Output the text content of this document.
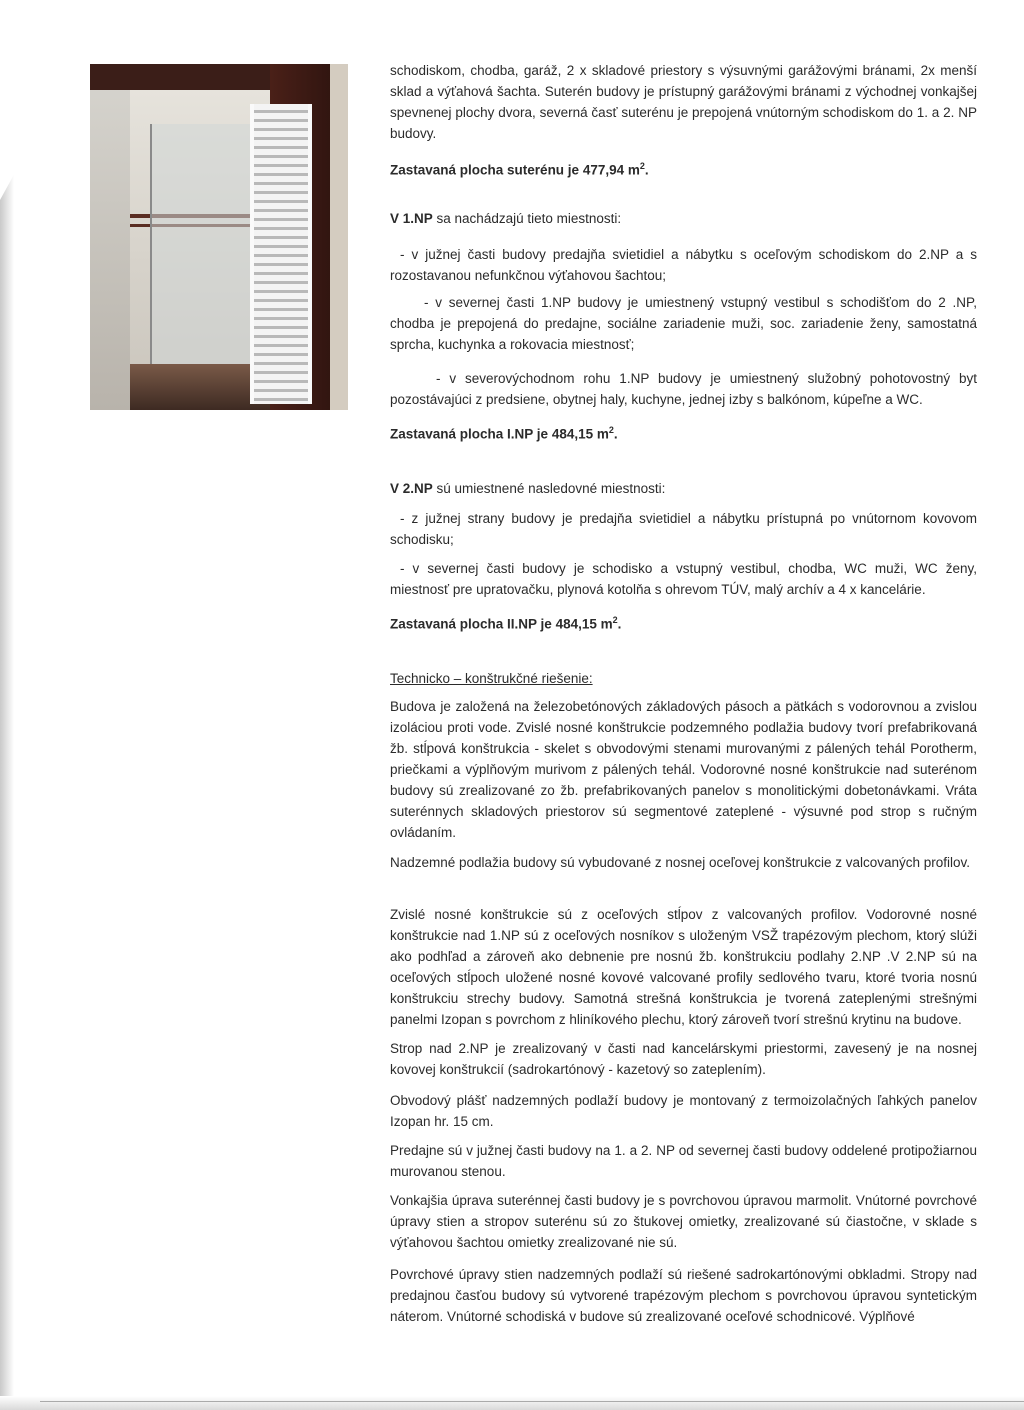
schodiskom, chodba, garáž, 2 x skladové priestory s výsuvnými garážovými bránami, 2x menší sklad a výťahová šachta. Suterén budovy je prístupný garážovými bránami z východnej vonkajšej spevnenej plochy dvora, severná časť suterénu je prepojená vnútorným schodiskom do 1. a 2. NP budovy.

Zastavaná plocha suterénu je 477,94 $m^2$.

V 1.NP sa nachádzajú tieto miestnosti:

- v južnej časti budovy predajňa svietidiel a nábytku s oceľovým schodiskom do 2.NP a s rozostavanou nefunkčnou výťahovou šachtou;

- v severnej časti 1.NP budovy je umiestnený vstupný vestibul s schodišťom do 2 .NP, chodba je prepojená do predajne, sociálne zariadenie muži, soc. zariadenie ženy, samostatná sprcha, kuchynka a rokovacia miestnosť;

- v severovýchodnom rohu 1.NP budovy je umiestnený služobný pohotovostný byt pozostávajúci z predsiene, obytnej haly, kuchyne, jednej izby s balkónom, kúpeľne a WC.

Zastavaná plocha I.NP je 484,15 $m^2$.

V 2.NP sú umiestnené nasledovné miestnosti:

- z južnej strany budovy je predajňa svietidiel a nábytku prístupná po vnútornom kovovom schodisku;

- v severnej časti budovy je schodisko a vstupný vestibul, chodba, WC muži, WC ženy, miestnosť pre upratovačku, plynová kotolňa s ohrevom TÚV, malý archív a 4 x kancelárie.

Zastavaná plocha II.NP je 484,15 $m^2$.

Technicko – konštrukčné riešenie:

Budova je založená na železobetónových základových pásoch a pätkách s vodorovnou a zvislou izoláciou proti vode. Zvislé nosné konštrukcie podzemného podlažia budovy tvorí prefabrikovaná žb. stĺpová konštrukcia - skelet s obvodovými stenami murovanými z pálených tehál Porotherm, priečkami a výplňovým murivom z pálených tehál. Vodorovné nosné konštrukcie nad suterénom budovy sú zrealizované zo žb. prefabrikovaných panelov s monolitickými dobetonávkami. Vráta suterénnych skladových priestorov sú segmentové zateplené - výsuvné pod strop s ručným ovládaním.

Nadzemné podlažia budovy sú vybudované z nosnej oceľovej konštrukcie z valcovaných profilov.

Zvislé nosné konštrukcie sú z oceľových stĺpov z valcovaných profilov. Vodorovné nosné konštrukcie nad 1.NP sú z oceľových nosníkov s uloženým VSŽ trapézovým plechom, ktorý slúži ako podhľad a zároveň ako debnenie pre nosnú žb. konštrukciu podlahy 2.NP .V 2.NP sú na oceľových stĺpoch uložené nosné kovové valcované profily sedlového tvaru, ktoré tvoria nosnú konštrukciu strechy budovy. Samotná strešná konštrukcia je tvorená zateplenými strešnými panelmi Izopan s povrchom z hliníkového plechu, ktorý zároveň tvorí strešnú krytinu na budove.

Strop nad 2.NP je zrealizovaný v časti nad kancelárskymi priestormi, zavesený je na nosnej kovovej konštrukcií (sadrokartónový - kazetový so zateplením).

Obvodový plášť nadzemných podlaží budovy je montovaný z termoizolačných ľahkých panelov Izopan hr. 15 cm.

Predajne sú v južnej časti budovy na 1. a 2. NP od severnej časti budovy oddelené protipožiarnou murovanou stenou.

Vonkajšia úprava suterénnej časti budovy je s povrchovou úpravou marmolit. Vnútorné povrchové úpravy stien a stropov suterénu sú zo štukovej omietky, zrealizované sú čiastočne, v sklade s výťahovou šachtou omietky zrealizované nie sú.

Povrchové úpravy stien nadzemných podlaží sú riešené sadrokartónovými obkladmi. Stropy nad predajnou časťou budovy sú vytvorené trapézovým plechom s povrchovou úpravou syntetickým náterom. Vnútorné schodiská v budove sú zrealizované oceľové schodnicové. Výplňové
